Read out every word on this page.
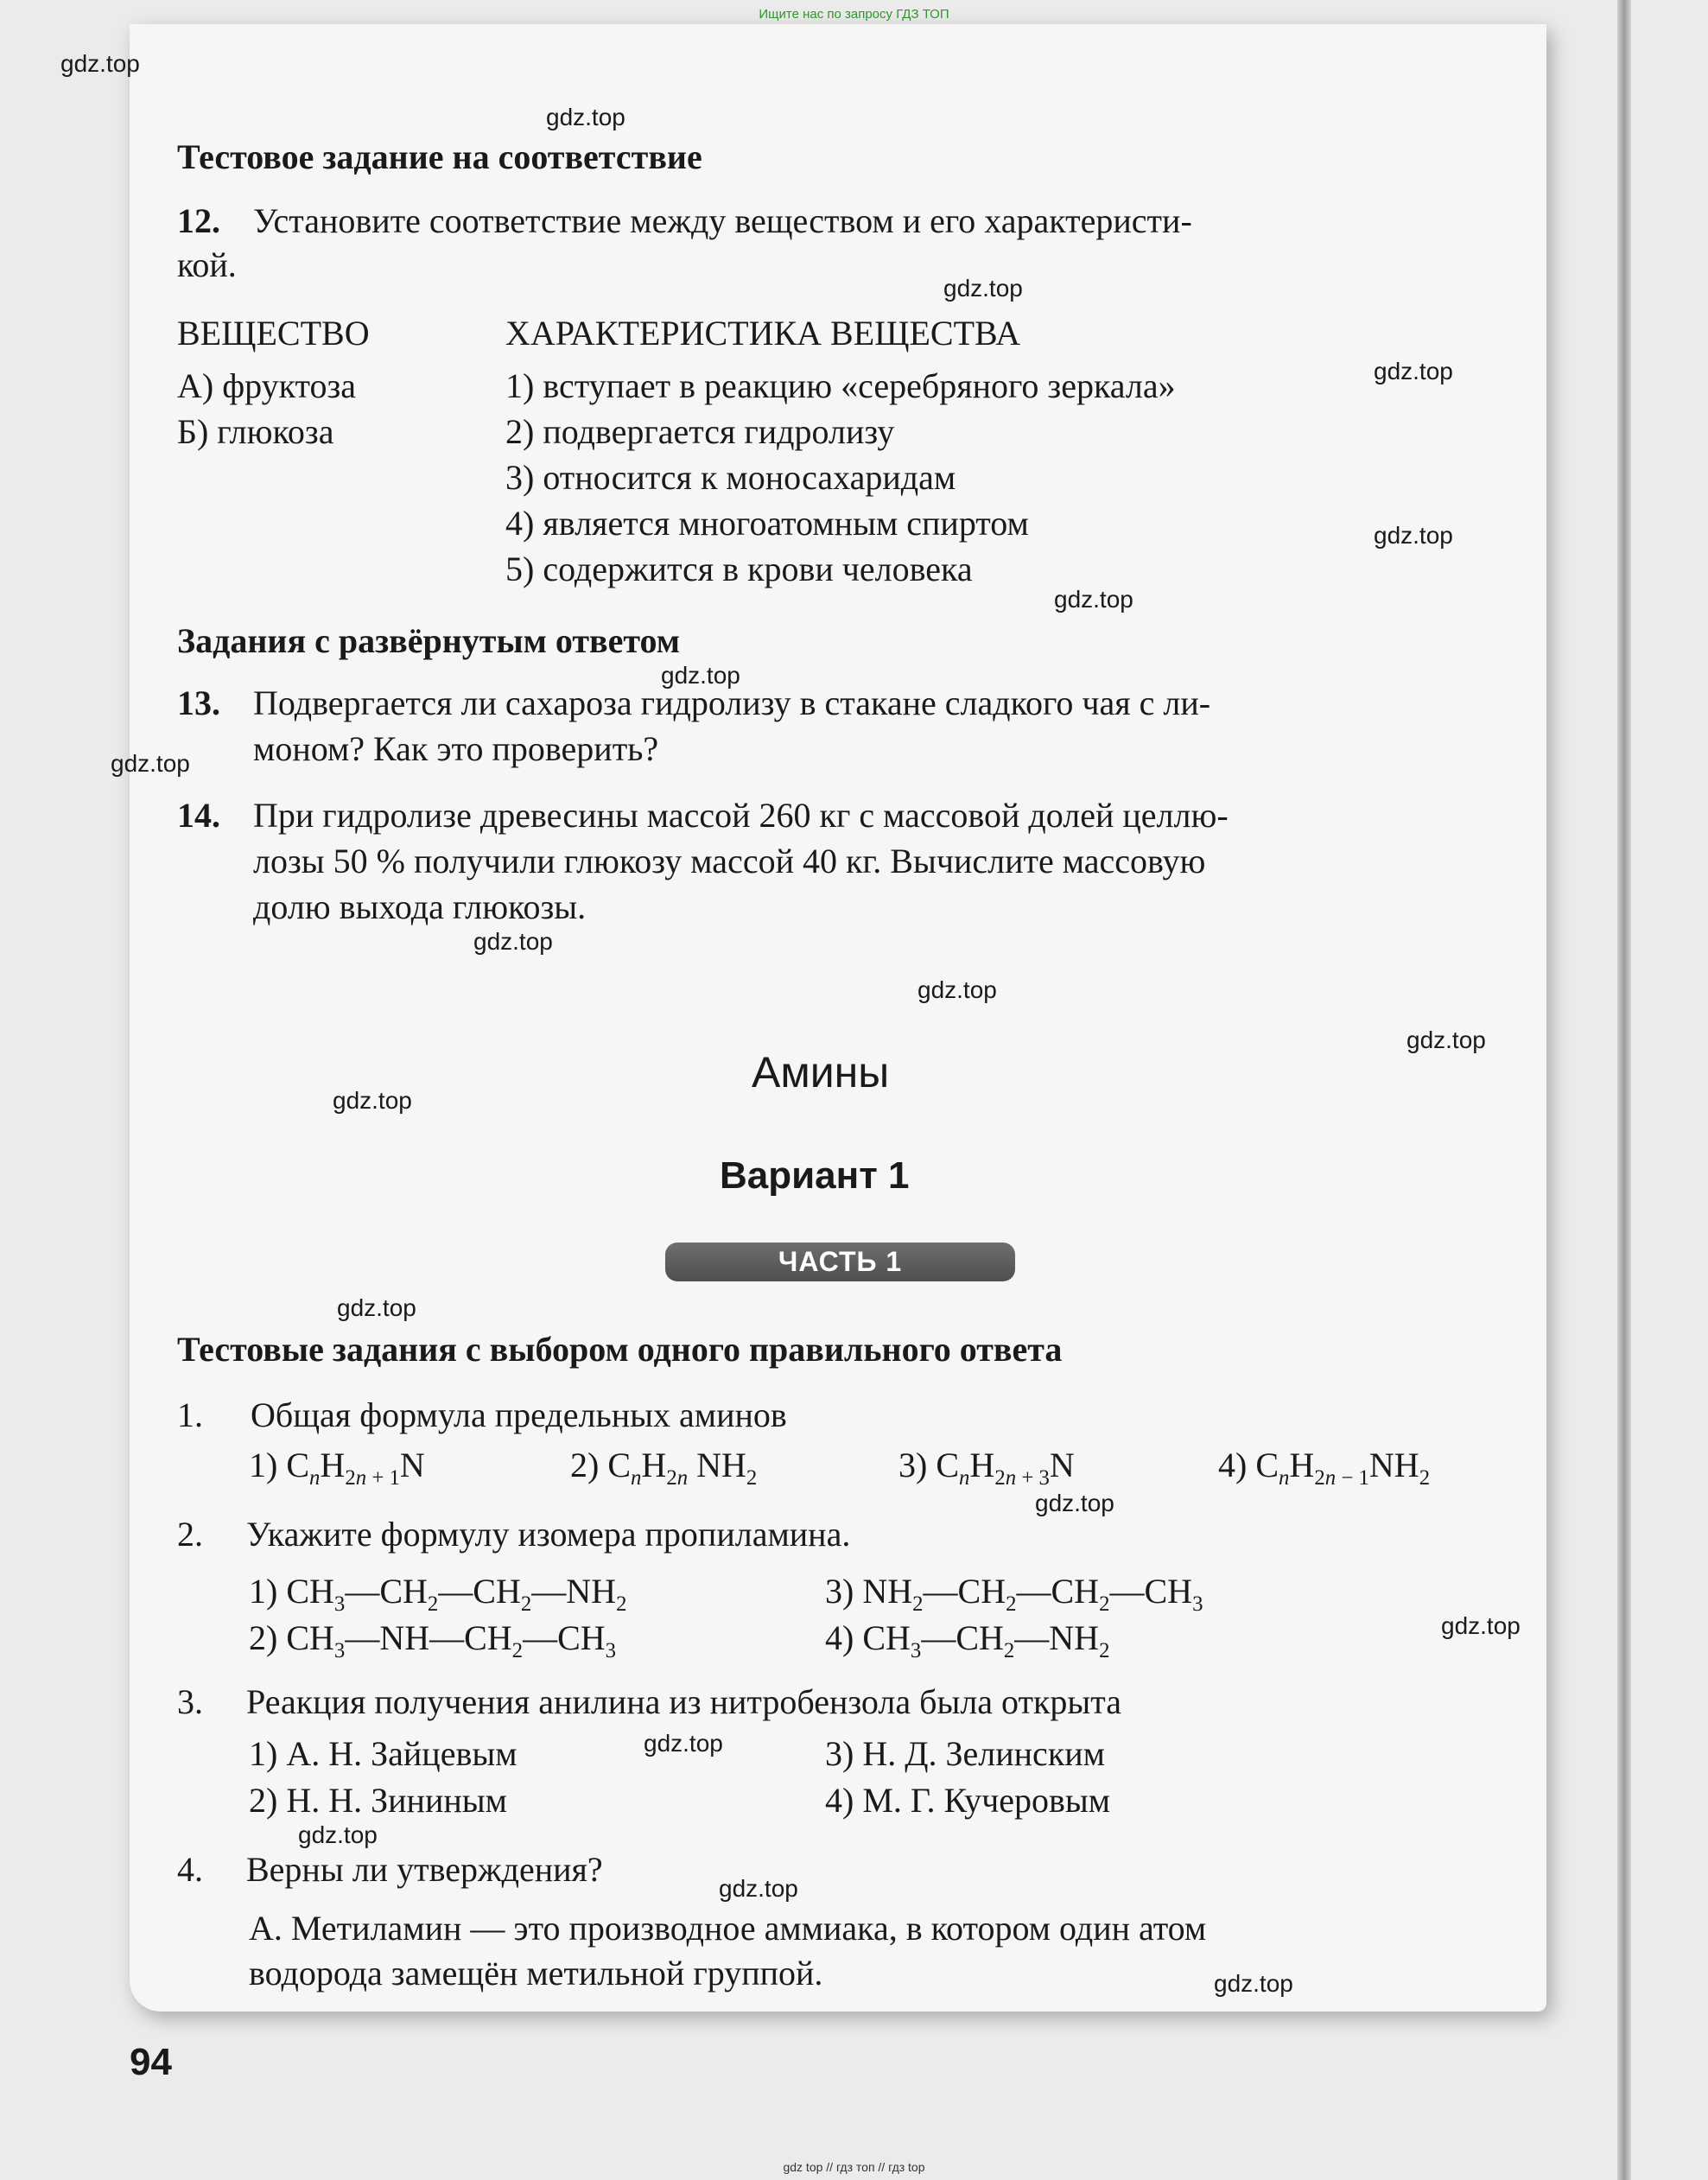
Ищите нас по запросу ГДЗ ТОП
Тестовое задание на соответствие
12. Установите соответствие между веществом и его характеристи-
кой.
ВЕЩЕСТВО	ХАРАКТЕРИСТИКА ВЕЩЕСТВА
А) фруктоза
Б) глюкоза
1) вступает в реакцию «серебряного зеркала»
2) подвергается гидролизу
3) относится к моносахаридам
4) является многоатомным спиртом
5) содержится в крови человека
Задания с развёрнутым ответом
13. Подвергается ли сахароза гидролизу в стакане сладкого чая с ли-
моном? Как это проверить?
14. При гидролизе древесины массой 260 кг с массовой долей целлю-
лозы 50 % получили глюкозу массой 40 кг. Вычислите массовую
долю выхода глюкозы.
Амины
Вариант 1
ЧАСТЬ 1
Тестовые задания с выбором одного правильного ответа
1. Общая формула предельных аминов
1) $C_nH_{2n + 1}N$	2) $C_nH_{2n}$ $NH_2$	3) $C_nH_{2n + 3}N$	4) $C_nH_{2n - 1}NH_2$
2. Укажите формулу изомера пропиламина.
1) $CH_3—CH_2—CH_2—NH_2$	3) $NH_2—CH_2—CH_2—CH_3$
2) $CH_3—NH—CH_2—CH_3$	4) $CH_3—CH_2—NH_2$
3. Реакция получения анилина из нитробензола была открыта
1) А. Н. Зайцевым
2) Н. Н. Зининым
3) Н. Д. Зелинским
4) М. Г. Кучеровым
4. Верны ли утверждения?
А. Метиламин — это производное аммиака, в котором один атом
водорода замещён метильной группой.
94
gdz.top
gdz.top
gdz.top
gdz.top
gdz.top
gdz.top
gdz.top
gdz.top
gdz.top
gdz.top
gdz.top
gdz.top
gdz.top
gdz.top
gdz.top
gdz.top
gdz.top
gdz.top
gdz.top
gdz top // гдз топ // гдз top
